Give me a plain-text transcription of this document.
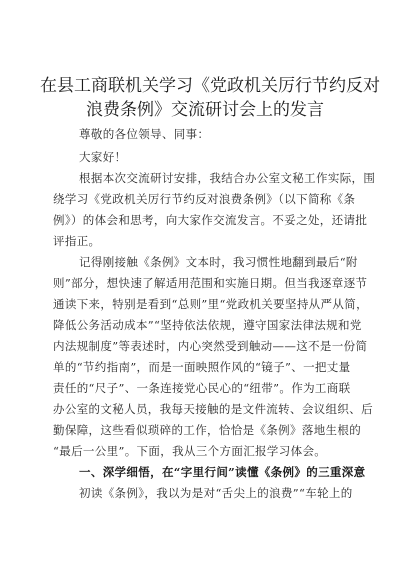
在县工商联机关学习《党政机关厉行节约反对
浪费条例》交流研讨会上的发言
尊敬的各位领导、同事：
大家好！
根据本次交流研讨安排，我结合办公室文秘工作实际，围
绕学习《党政机关厉行节约反对浪费条例》（以下简称《条
例》）的体会和思考，向大家作交流发言。不妥之处，还请批
评指正。
记得刚接触《条例》文本时，我习惯性地翻到最后“附
则”部分，想快速了解适用范围和实施日期。但当我逐章逐节
通读下来，特别是看到“总则”里“党政机关要坚持从严从简，
降低公务活动成本”“坚持依法依规，遵守国家法律法规和党
内法规制度”等表述时，内心突然受到触动——这不是一份简
单的“节约指南”，而是一面映照作风的“镜子”、一把丈量
责任的“尺子”、一条连接党心民心的“纽带”。作为工商联
办公室的文秘人员，我每天接触的是文件流转、会议组织、后
勤保障，这些看似琐碎的工作，恰恰是《条例》落地生根的
“最后一公里”。下面，我从三个方面汇报学习体会。
一、深学细悟，在“字里行间”读懂《条例》的三重深意
初读《条例》，我以为是对“舌尖上的浪费”“车轮上的
